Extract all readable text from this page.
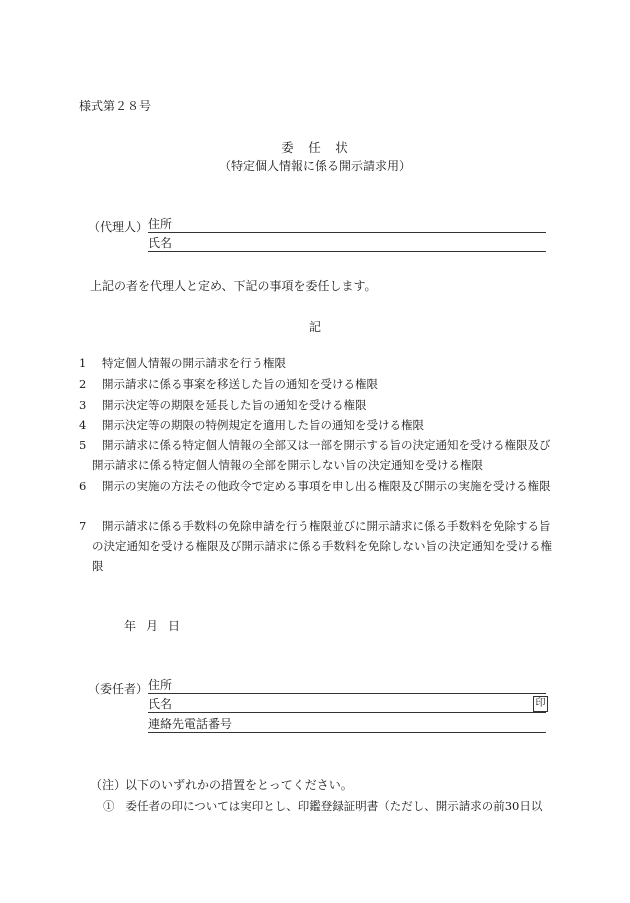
様式第２８号
委　任　状
（特定個人情報に係る開示請求用）
（代理人） 住所
氏名
上記の者を代理人と定め、下記の事項を委任します。
記
1	特定個人情報の開示請求を行う権限
2	開示請求に係る事案を移送した旨の通知を受ける権限
3	開示決定等の期限を延長した旨の通知を受ける権限
4	開示決定等の期限の特例規定を適用した旨の通知を受ける権限
5	開示請求に係る特定個人情報の全部又は一部を開示する旨の決定通知を受ける権限及び開示請求に係る特定個人情報の全部を開示しない旨の決定通知を受ける権限
6	開示の実施の方法その他政令で定める事項を申し出る権限及び開示の実施を受ける権限
7	開示請求に係る手数料の免除申請を行う権限並びに開示請求に係る手数料を免除する旨の決定通知を受ける権限及び開示請求に係る手数料を免除しない旨の決定通知を受ける権限
年月日
（委任者） 住所
氏名	印
連絡先電話番号
（注）
以下のいずれかの措置をとってください。
① 委任者の印については実印とし、印鑑登録証明書（ただし、開示請求の前30日以
